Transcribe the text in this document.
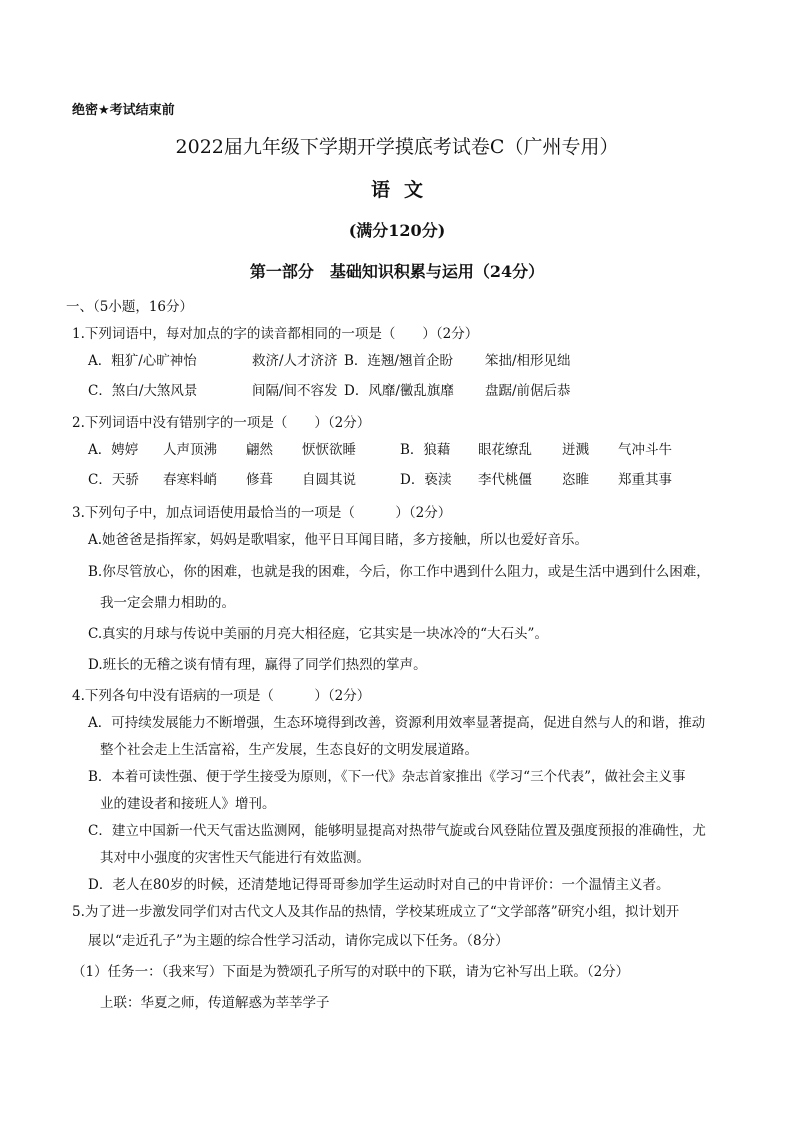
绝密★考试结束前
2022届九年级下学期开学摸底考试卷C（广州专用）
语文
(满分120分)
第一部分　基础知识积累与运用（24分）
一、（5小题，16分）
1.下列词语中，每对加点的字的读音都相同的一项是（　　）（2分）
A．粗犷/心旷神怡	救济/人才济济 B．连翘/翘首企盼 笨拙/相形见绌
C．煞白/大煞风景	间隔/间不容发 D．风靡/黴乱旗靡 盘踞/前倨后恭
2.下列词语中没有错别字的一项是（　　）（2分）
A．娉婷 人声顶沸 翩然 恹恹欲睡	B．狼藉 眼花缭乱 迸溅 气冲斗牛
C．天骄 春寒料峭 修葺 自圆其说	D．亵渎 李代桃僵 恣睢 郑重其事
3.下列句子中，加点词语使用最恰当的一项是（　　　）（2分）
A.她爸爸是指挥家，妈妈是歌唱家，他平日耳闻目睹，多方接触，所以也爱好音乐。
B.你尽管放心，你的困难，也就是我的困难，今后，你工作中遇到什么阻力，或是生活中遇到什么困难，
我一定会鼎力相助的。
C.真实的月球与传说中美丽的月亮大相径庭，它其实是一块冰冷的“大石头”。
D.班长的无稽之谈有情有理，赢得了同学们热烈的掌声。
4.下列各句中没有语病的一项是（　　　）（2分）
A．可持续发展能力不断增强，生态环境得到改善，资源利用效率显著提高，促进自然与人的和谐，推动
整个社会走上生活富裕，生产发展，生态良好的文明发展道路。
B．本着可读性强、便于学生接受为原则，《下一代》杂志首家推出《学习“三个代表”，做社会主义事
业的建设者和接班人》增刊。
C．建立中国新一代天气雷达监测网，能够明显提高对热带气旋或台风登陆位置及强度预报的准确性，尤
其对中小强度的灾害性天气能进行有效监测。
D．老人在80岁的时候，还清楚地记得哥哥参加学生运动时对自己的中肯评价：一个温情主义者。
5.为了进一步激发同学们对古代文人及其作品的热情，学校某班成立了“文学部落”研究小组，拟计划开
展以“走近孔子”为主题的综合性学习活动，请你完成以下任务。（8分）
（1）任务一：（我来写）下面是为赞颂孔子所写的对联中的下联，请为它补写出上联。（2分）
上联：华夏之师，传道解惑为莘莘学子
